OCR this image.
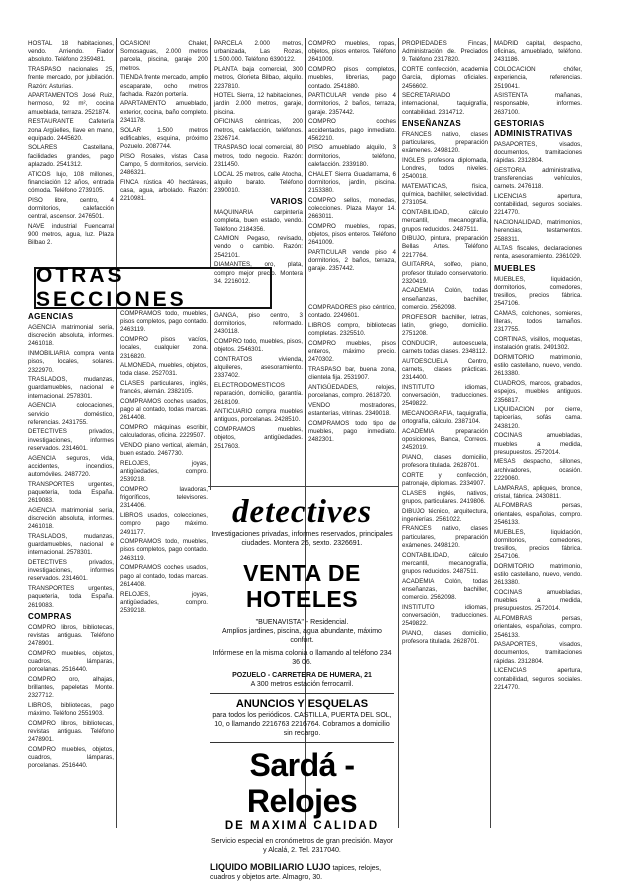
HOSTAL 18 habitaciones, vendo. Arriendo. Fiador absoluto. Teléfono 2359481.

TRASPASO nacionales 25, frente mercado, por jubilación. Razón: Asturias.

APARTAMENTOS José Ruiz, hermoso, 92 m², cocina amueblada, terraza. 2521874.

RESTAURANTE Cafetería zona Argüelles, llave en mano, equipado. 2445620.

SOLARES Castellana, facilidades grandes, pago aplazado. 2541312.

ATICOS lujo, 108 millones, financiación 12 años, entrada cómoda. Teléfono 2739105.

PISO libre, centro, 4 dormitorios, calefacción central, ascensor. 2476501.

NAVE industrial Fuencarral 900 metros, agua, luz. Plaza Bilbao 2.

OCASION! Chalet, Somosaguas, 2.000 metros parcela, piscina, garaje 200 metros.

TIENDA frente mercado, amplio escaparate, ocho metros fachada. Razón portería.

APARTAMENTO amueblado, exterior, cocina, baño completo. 2341178.

SOLAR 1.500 metros edificables, esquina, próximo Pozuelo. 2087744.

PISO Rosales, vistas Casa Campo, 5 dormitorios, servicio. 2486321.

FINCA rústica 40 hectáreas, casa, agua, arbolado. Razón: 2210981.

PARCELA 2.000 metros, urbanizada, Las Rozas, 1.500.000. Teléfono 6390122.

PLANTA baja comercial, 300 metros, Glorieta Bilbao, alquilo. 2237810.

HOTEL Sierra, 12 habitaciones, jardín 2.000 metros, garaje, piscina.

OFICINAS céntricas, 200 metros, calefacción, teléfonos. 2326714.

TRASPASO local comercial, 80 metros, todo negocio. Razón: 2311450.

LOCAL 25 metros, calle Atocha, alquilo barato. Teléfono 2390010.

VARIOS

MAQUINARIA carpintería completa, buen estado, vendo. Teléfono 2184356.

CAMION Pegaso, revisado, vendo o cambio. Razón: 2542101.

DIAMANTES, oro, plata, compro mejor precio. Montera 34. 2216012.

OTRAS SECCIONES
AGENCIAS

AGENCIA matrimonial seria, discreción absoluta, informes. 2461018.

INMOBILIARIA compra venta pisos, locales, solares. 2322970.

TRASLADOS, mudanzas, guardamuebles, nacional e internacional. 2578301.

AGENCIA colocaciones, servicio doméstico, referencias. 2431755.

DETECTIVES privados, investigaciones, informes reservados. 2314601.

AGENCIA seguros, vida, accidentes, incendios, automóviles. 2487720.

TRANSPORTES urgentes, paquetería, toda España. 2619083.

AGENCIA matrimonial seria, discreción absoluta, informes. 2461018.

TRASLADOS, mudanzas, guardamuebles, nacional e internacional. 2578301.

DETECTIVES privados, investigaciones, informes reservados. 2314601.

TRANSPORTES urgentes, paquetería, toda España. 2619083.

COMPRAS

COMPRO libros, bibliotecas, revistas antiguas. Teléfono 2478901.

COMPRO muebles, objetos, cuadros, lámparas, porcelanas. 2516440.

COMPRO oro, alhajas, brillantes, papeletas Monte. 2327712.

LIBROS, bibliotecas, pago máximo. Teléfono 2551903.

COMPRO libros, bibliotecas, revistas antiguas. Teléfono 2478901.

COMPRO muebles, objetos, cuadros, lámparas, porcelanas. 2516440.

COMPRAMOS todo, muebles, pisos completos, pago contado. 2463119.

COMPRO pisos vacíos, locales, cualquier zona. 2316820.

ALMONEDA, muebles, objetos, toda clase. 2527031.

CLASES particulares, inglés, francés, alemán. 2382105.

COMPRAMOS coches usados, pago al contado, todas marcas. 2614408.

COMPRO máquinas escribir, calculadoras, oficina. 2229507.

VENDO piano vertical, alemán, buen estado. 2467730.

RELOJES, joyas, antigüedades, compro. 2539218.

COMPRO lavadoras, frigoríficos, televisores. 2314406.

LIBROS usados, colecciones, compro pago máximo. 2491177.

COMPRAMOS todo, muebles, pisos completos, pago contado. 2463119.

COMPRAMOS coches usados, pago al contado, todas marcas. 2614408.

RELOJES, joyas, antigüedades, compro. 2539218.

GANGA, piso centro, 3 dormitorios, reformado. 2430118.

COMPRO todo, muebles, pisos, objetos. 2546301.

CONTRATOS vivienda, alquileres, asesoramiento. 2337402.

ELECTRODOMESTICOS reparación, domicilio, garantía. 2618109.

ANTICUARIO compra muebles antiguos, porcelanas. 2428510.

COMPRAMOS muebles, objetos, antigüedades. 2517603.

COMPRO muebles, ropas, objetos, pisos enteros. Teléfono 2641009.

COMPRO pisos completos, muebles, librerías, pago contado. 2541880.

PARTICULAR vende piso 4 dormitorios, 2 baños, terraza, garaje. 2357442.

COMPRO coches accidentados, pago inmediato. 4562210.

PISO amueblado alquilo, 3 dormitorios, teléfono, calefacción. 2339180.

CHALET Sierra Guadarrama, 6 dormitorios, jardín, piscina. 2153380.

COMPRO sellos, monedas, colecciones. Plaza Mayor 14. 2663011.

COMPRO muebles, ropas, objetos, pisos enteros. Teléfono 2641009.

PARTICULAR vende piso 4 dormitorios, 2 baños, terraza, garaje. 2357442.

COMPRADORES piso céntrico, contado. 2249601.

LIBROS compro, bibliotecas completas. 2325510.

COMPRO muebles, pisos enteros, máximo precio. 2470302.

TRASPASO bar, buena zona, clientela fija. 2531907.

ANTIGÜEDADES, relojes, porcelanas, compro. 2618720.

VENDO mostradores, estanterías, vitrinas. 2349018.

COMPRAMOS todo tipo de muebles, pago inmediato. 2482301.

detectives
Investigaciones privadas, informes reservados, principales ciudades. Montera 26, sexto. 2326691.
VENTA DE HOTELES
"BUENAVISTA" - Residencial.
Amplios jardines, piscina, agua abundante, máximo confort.
Infórmese en la misma colonia o llamando al teléfono 234 36 06.
POZUELO - CARRETERA DE HUMERA, 21
A 300 metros estación ferrocarril.
ANUNCIOS Y ESQUELAS
para todos los periódicos. CASTILLA, PUERTA DEL SOL, 10, o llamando 2216763 2216764. Cobramos a domicilio sin recargo.
Sardá - Relojes
DE MAXIMA CALIDAD
Servicio especial en cronómetros de gran precisión. Mayor y Alcalá, 2. Tel. 2317040.
LIQUIDO MOBILIARIO LUJO tapices, relojes, cuadros y objetos arte. Almagro, 30.

PROPIEDADES Fincas, Administración de. Preciados 9. Teléfono 2317820.

CORTE confección, academia García, diplomas oficiales. 2456602.

SECRETARIADO internacional, taquigrafía, contabilidad. 2314712.

ENSEÑANZAS

FRANCES nativo, clases particulares, preparación exámenes. 2498120.

INGLES profesora diplomada, Londres, todos niveles. 2540018.

MATEMATICAS, física, química, bachiller, selectividad. 2731054.

CONTABILIDAD, cálculo mercantil, mecanografía, grupos reducidos. 2487511.

DIBUJO, pintura, preparación Bellas Artes. Teléfono 2217764.

GUITARRA, solfeo, piano, profesor titulado conservatorio. 2320419.

ACADEMIA Colón, todas enseñanzas, bachiller, comercio. 2562098.

PROFESOR bachiller, letras, latín, griego, domicilio. 2751208.

CONDUCIR, autoescuela, carnets todas clases. 2348112.

AUTOESCUELA Centro, carnets, clases prácticas. 2314400.

INSTITUTO idiomas, conversación, traducciones. 2549822.

MECANOGRAFIA, taquigrafía, ortografía, cálculo. 2387104.

ACADEMIA preparación oposiciones, Banca, Correos. 2452019.

PIANO, clases domicilio, profesora titulada. 2628701.

CORTE y confección, patronaje, diplomas. 2334907.

CLASES inglés, nativos, grupos, particulares. 2419806.

DIBUJO técnico, arquitectura, ingenierías. 2561022.

FRANCES nativo, clases particulares, preparación exámenes. 2498120.

CONTABILIDAD, cálculo mercantil, mecanografía, grupos reducidos. 2487511.

ACADEMIA Colón, todas enseñanzas, bachiller, comercio. 2562098.

INSTITUTO idiomas, conversación, traducciones. 2549822.

PIANO, clases domicilio, profesora titulada. 2628701.

MADRID capital, despacho, oficinas, amueblado, teléfono. 2431186.

COLOCACION chófer, experiencia, referencias. 2519041.

ASISTENTA mañanas, responsable, informes. 2637100.

GESTORIAS ADMINISTRATIVAS

PASAPORTES, visados, documentos, tramitaciones rápidas. 2312804.

GESTORIA administrativa, transferencias vehículos, carnets. 2476118.

LICENCIAS apertura, contabilidad, seguros sociales. 2214770.

NACIONALIDAD, matrimonios, herencias, testamentos. 2588311.

ALTAS fiscales, declaraciones renta, asesoramiento. 2361029.

MUEBLES

MUEBLES, liquidación, dormitorios, comedores, tresillos, precios fábrica. 2547106.

CAMAS, colchones, somieres, literas, todos tamaños. 2317755.

CORTINAS, visillos, moquetas, instalación gratis. 2491302.

DORMITORIO matrimonio, estilo castellano, nuevo, vendo. 2613380.

CUADROS, marcos, grabados, espejos, muebles antiguos. 2356817.

LIQUIDACION por cierre, tapicerías, sofás cama. 2438120.

COCINAS amuebladas, muebles a medida, presupuestos. 2572014.

MESAS despacho, sillones, archivadores, ocasión. 2229060.

LAMPARAS, apliques, bronce, cristal, fábrica. 2430811.

ALFOMBRAS persas, orientales, españolas, compro. 2546133.

MUEBLES, liquidación, dormitorios, comedores, tresillos, precios fábrica. 2547106.

DORMITORIO matrimonio, estilo castellano, nuevo, vendo. 2613380.

COCINAS amuebladas, muebles a medida, presupuestos. 2572014.

ALFOMBRAS persas, orientales, españolas, compro. 2546133.

PASAPORTES, visados, documentos, tramitaciones rápidas. 2312804.

LICENCIAS apertura, contabilidad, seguros sociales. 2214770.
